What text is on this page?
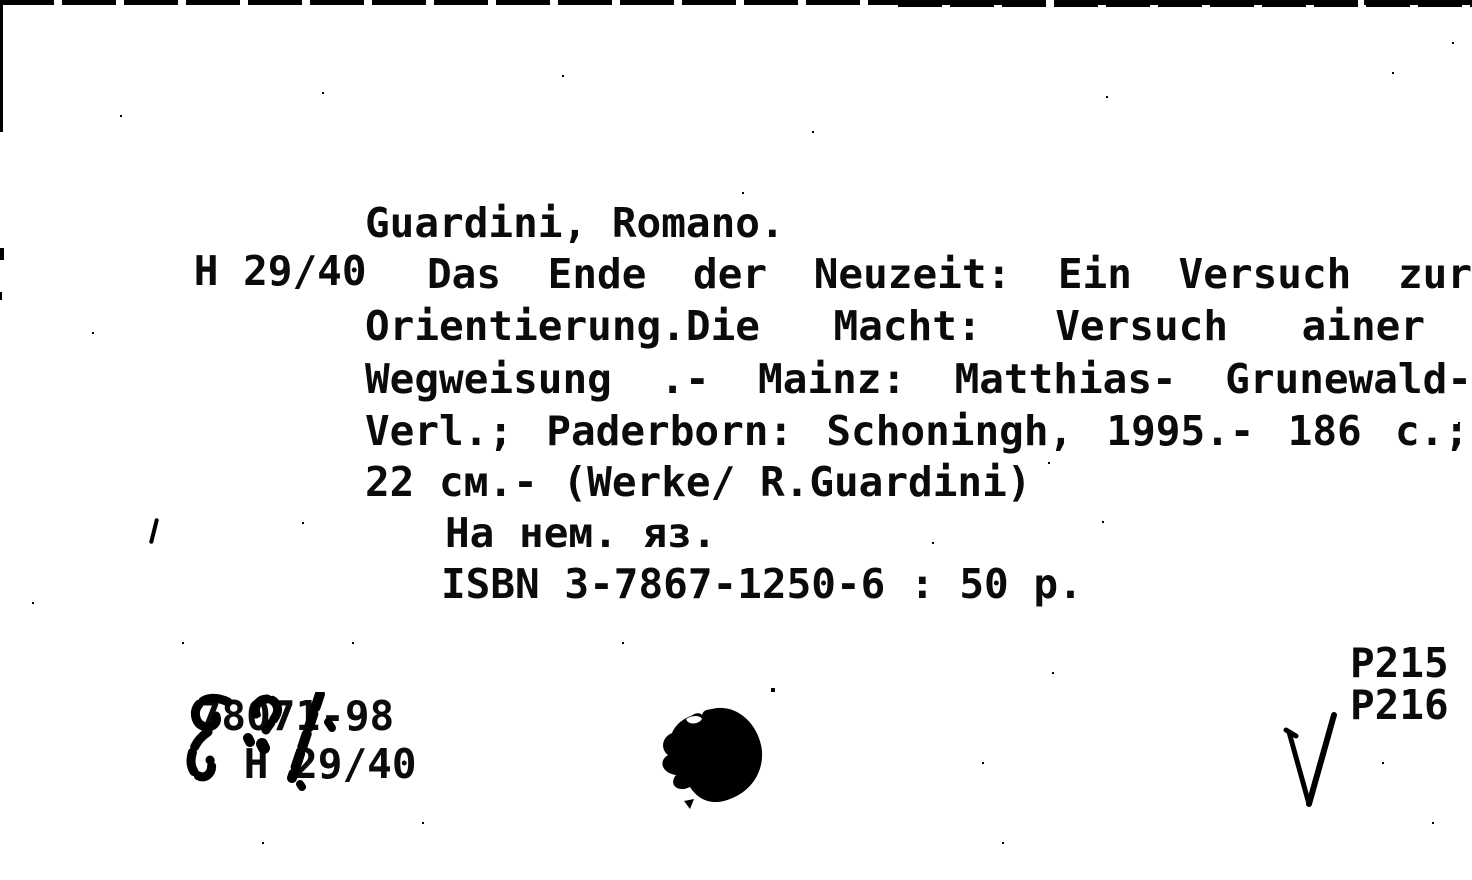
H 29/40

Guardini, Romano.

Das Ende der Neuzeit: Ein Versuch zur
Orientierung.Die Macht: Versuch ainer
Wegweisung .- Mainz: Matthias- Grunewald-
Verl.; Paderborn: Schoningh, 1995.- 186 c.;
22 см.- (Werke/ R.Guardini)
На нем. яз.
ISBN 3-7867-1250-6 : 50 p.

78071-98
H 29/40

P215
P216
